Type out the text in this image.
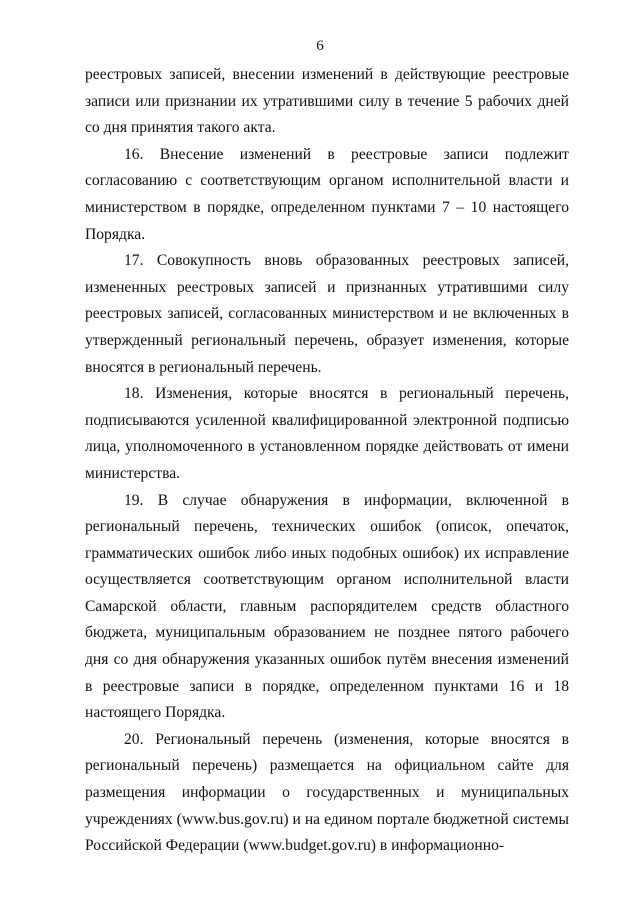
6

реестровых записей, внесении изменений в действующие реестровые записи или признании их утратившими силу в течение 5 рабочих дней со дня принятия такого акта.

16. Внесение изменений в реестровые записи подлежит согласованию с соответствующим органом исполнительной власти и министерством в порядке, определенном пунктами 7 – 10 настоящего Порядка.

17. Совокупность вновь образованных реестровых записей, измененных реестровых записей и признанных утратившими силу реестровых записей, согласованных министерством и не включенных в утвержденный региональный перечень, образует изменения, которые вносятся в региональный перечень.

18. Изменения, которые вносятся в региональный перечень, подписываются усиленной квалифицированной электронной подписью лица, уполномоченного в установленном порядке действовать от имени министерства.

19. В случае обнаружения в информации, включенной в региональный перечень, технических ошибок (описок, опечаток, грамматических ошибок либо иных подобных ошибок) их исправление осуществляется соответствующим органом исполнительной власти Самарской области, главным распорядителем средств областного бюджета, муниципальным образованием не позднее пятого рабочего дня со дня обнаружения указанных ошибок путём внесения изменений в реестровые записи в порядке, определенном пунктами 16 и 18 настоящего Порядка.

20. Региональный перечень (изменения, которые вносятся в региональный перечень) размещается на официальном сайте для размещения информации о государственных и муниципальных учреждениях (www.bus.gov.ru) и на едином портале бюджетной системы Российской Федерации (www.budget.gov.ru) в информационно-
